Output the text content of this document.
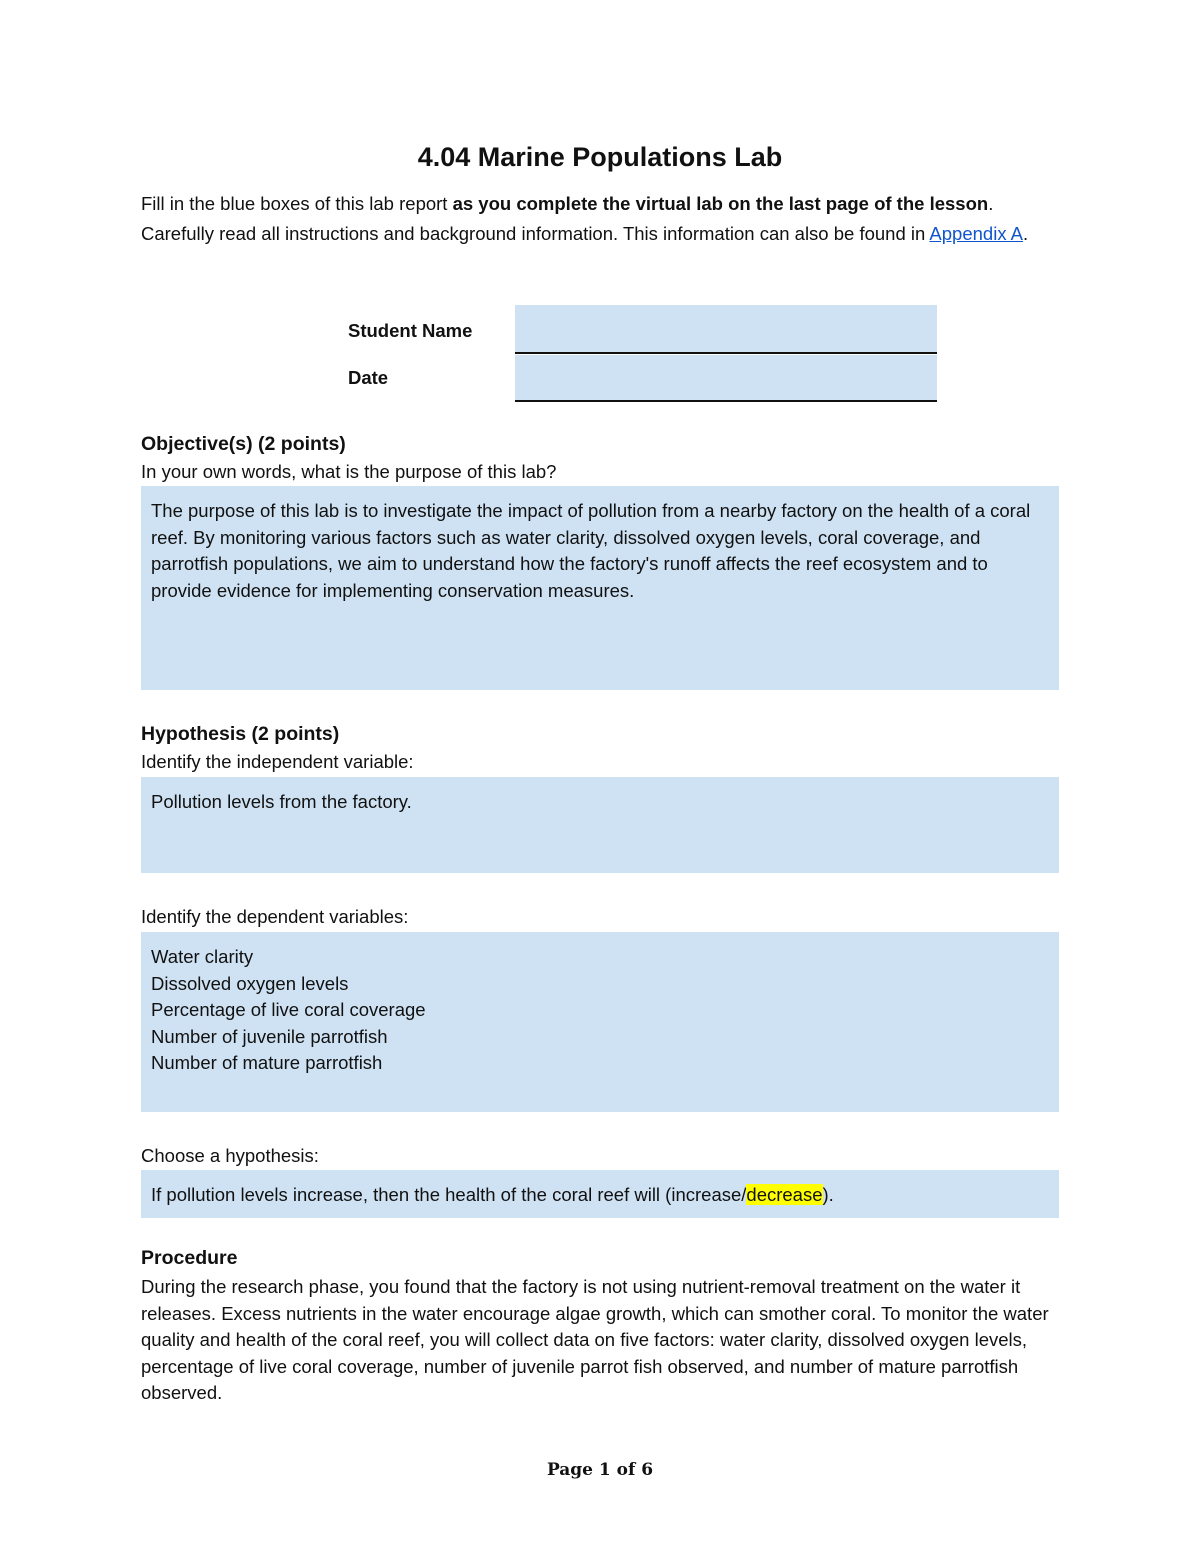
4.04 Marine Populations Lab
Fill in the blue boxes of this lab report as you complete the virtual lab on the last page of the lesson. Carefully read all instructions and background information. This information can also be found in Appendix A.
Student Name
Date
Objective(s) (2 points)
In your own words, what is the purpose of this lab?
The purpose of this lab is to investigate the impact of pollution from a nearby factory on the health of a coral reef. By monitoring various factors such as water clarity, dissolved oxygen levels, coral coverage, and parrotfish populations, we aim to understand how the factory's runoff affects the reef ecosystem and to provide evidence for implementing conservation measures.
Hypothesis (2 points)
Identify the independent variable:
Pollution levels from the factory.
Identify the dependent variables:
Water clarity
Dissolved oxygen levels
Percentage of live coral coverage
Number of juvenile parrotfish
Number of mature parrotfish
Choose a hypothesis:
If pollution levels increase, then the health of the coral reef will (increase/decrease).
Procedure
During the research phase, you found that the factory is not using nutrient-removal treatment on the water it releases. Excess nutrients in the water encourage algae growth, which can smother coral. To monitor the water quality and health of the coral reef, you will collect data on five factors: water clarity, dissolved oxygen levels, percentage of live coral coverage, number of juvenile parrot fish observed, and number of mature parrotfish observed.
Page 1 of 6
